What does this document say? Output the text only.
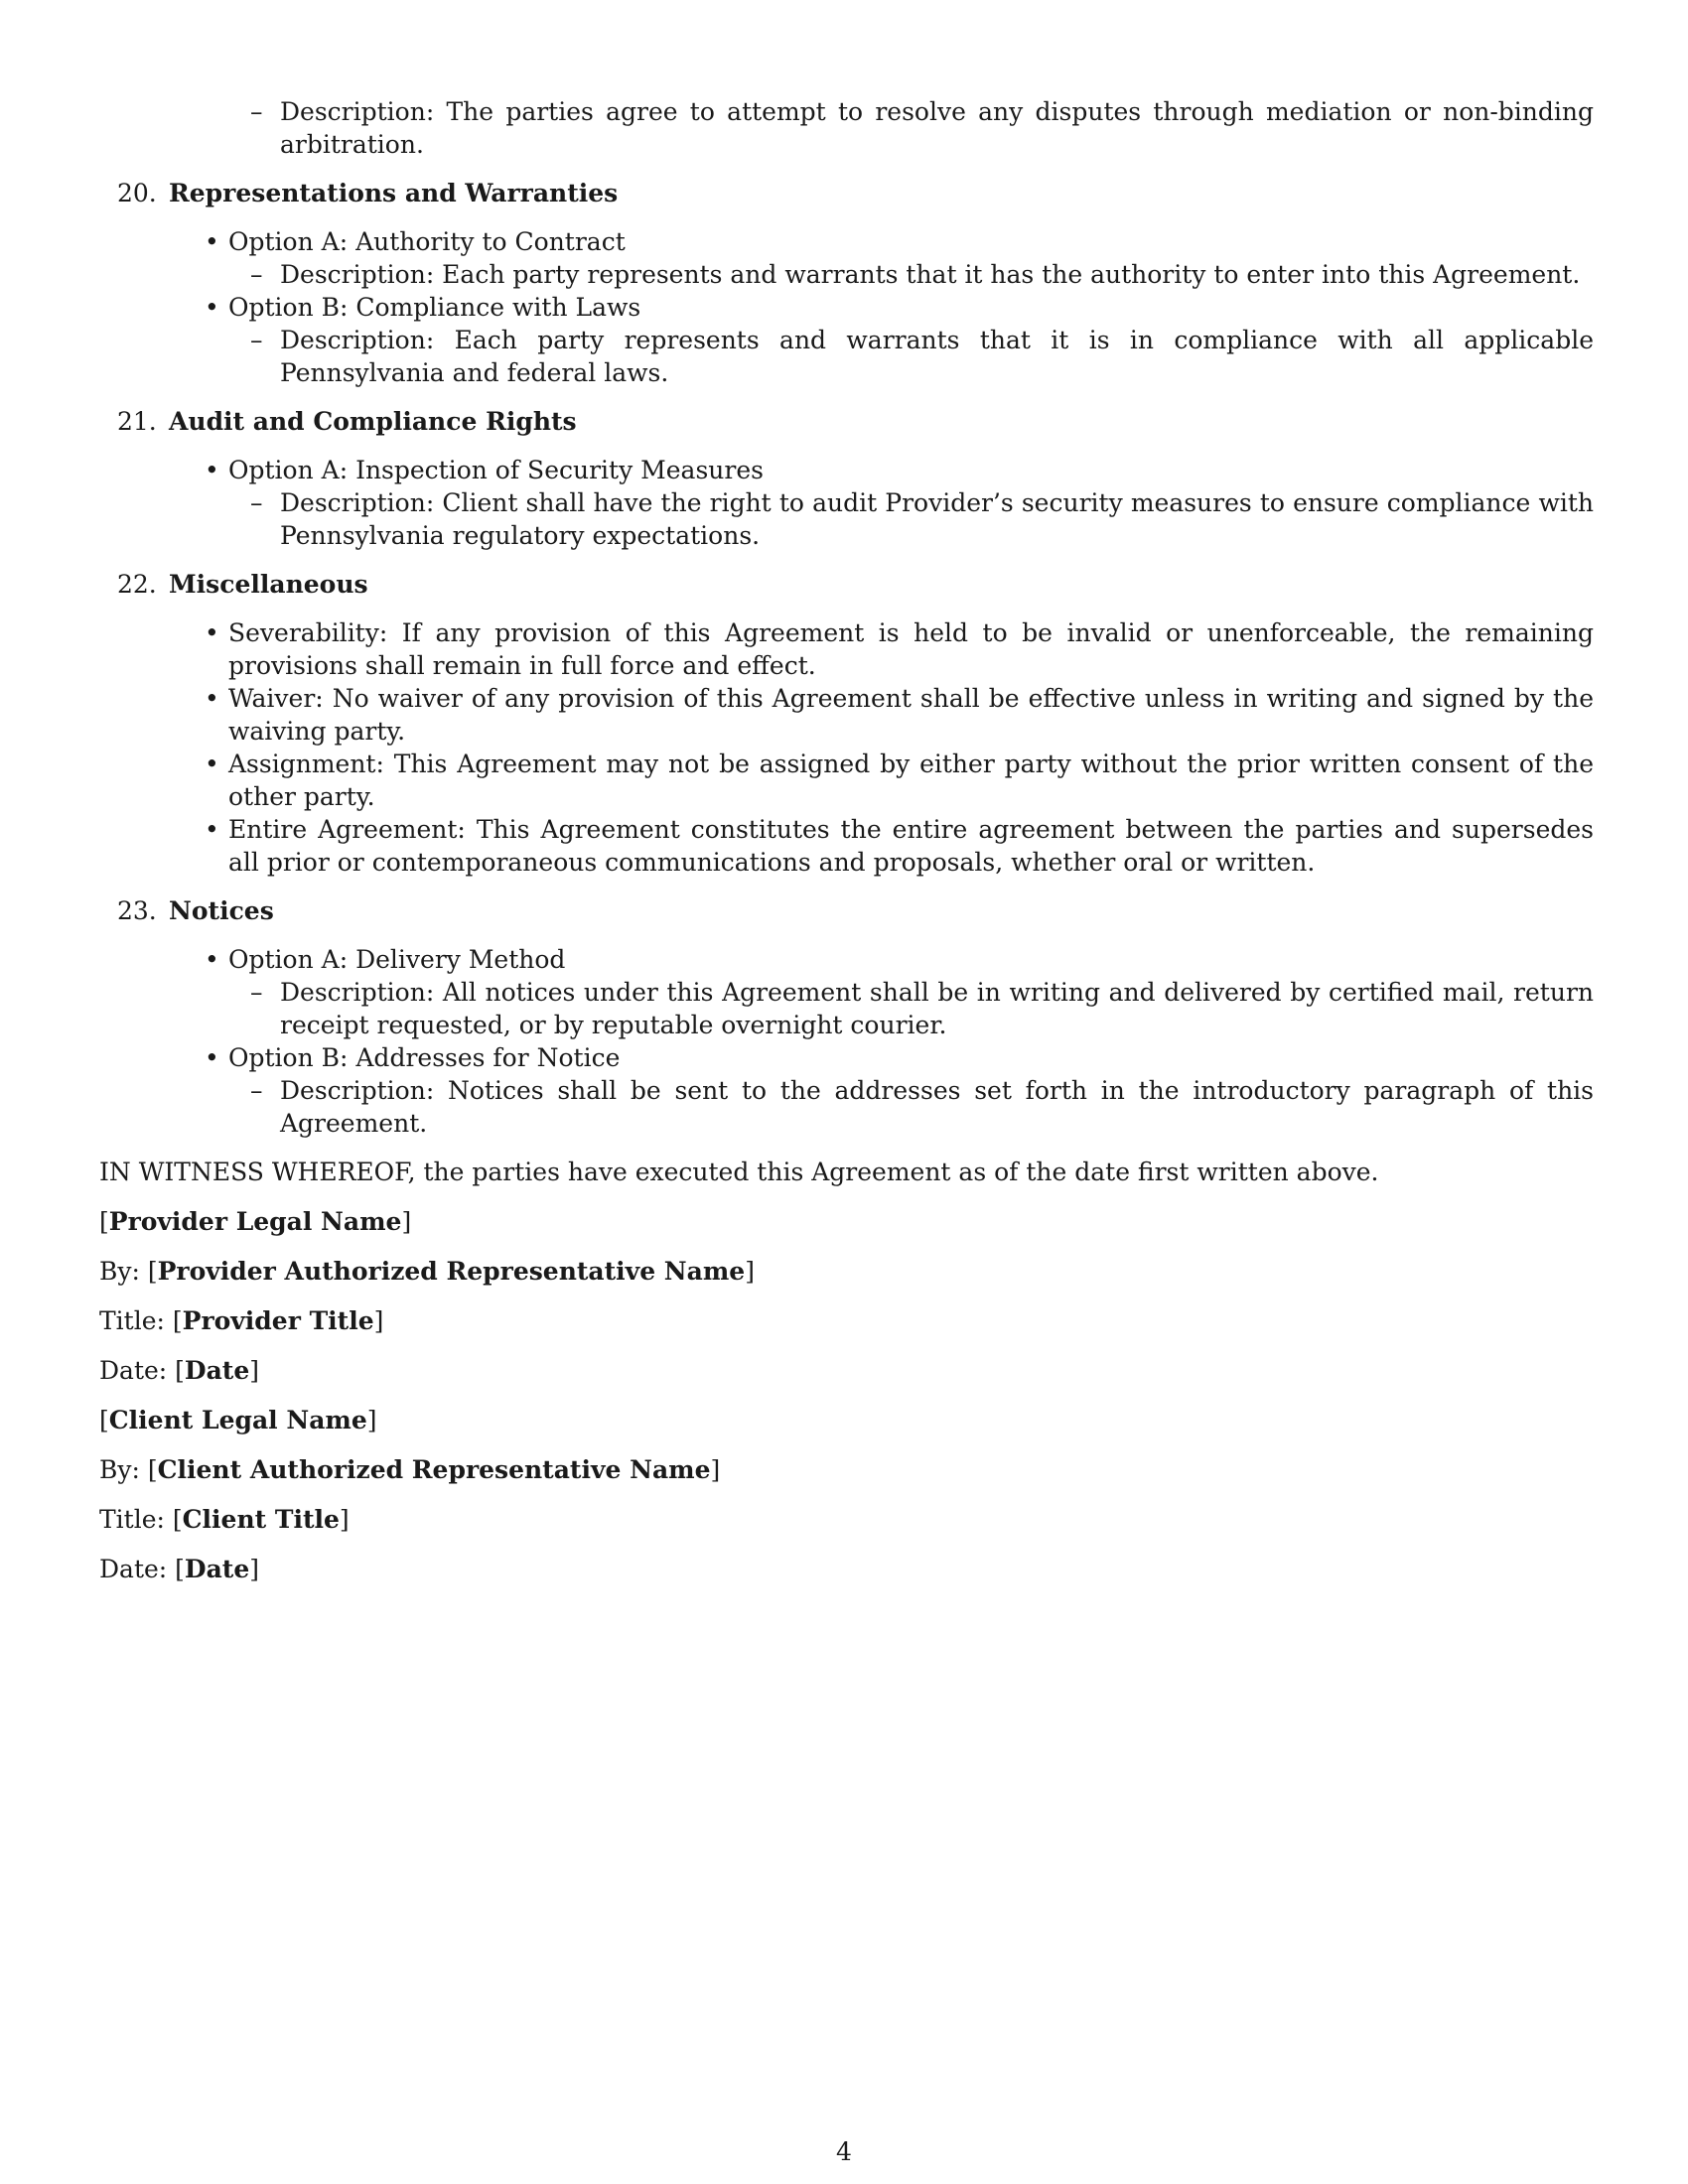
– Description: The parties agree to attempt to resolve any disputes through mediation or non-binding arbitration.
20. Representations and Warranties
• Option A: Authority to Contract
– Description: Each party represents and warrants that it has the authority to enter into this Agreement.
• Option B: Compliance with Laws
– Description: Each party represents and warrants that it is in compliance with all applicable Pennsylvania and federal laws.
21. Audit and Compliance Rights
• Option A: Inspection of Security Measures
– Description: Client shall have the right to audit Provider’s security measures to ensure compliance with Pennsylvania regulatory expectations.
22. Miscellaneous
• Severability: If any provision of this Agreement is held to be invalid or unenforceable, the remaining provisions shall remain in full force and effect.
• Waiver: No waiver of any provision of this Agreement shall be effective unless in writing and signed by the waiving party.
• Assignment: This Agreement may not be assigned by either party without the prior written consent of the other party.
• Entire Agreement: This Agreement constitutes the entire agreement between the parties and supersedes all prior or contemporaneous communications and proposals, whether oral or written.
23. Notices
• Option A: Delivery Method
– Description: All notices under this Agreement shall be in writing and delivered by certified mail, return receipt requested, or by reputable overnight courier.
• Option B: Addresses for Notice
– Description: Notices shall be sent to the addresses set forth in the introductory paragraph of this Agreement.
IN WITNESS WHEREOF, the parties have executed this Agreement as of the date first written above.
[Provider Legal Name]
By: [Provider Authorized Representative Name]
Title: [Provider Title]
Date: [Date]
[Client Legal Name]
By: [Client Authorized Representative Name]
Title: [Client Title]
Date: [Date]
4
